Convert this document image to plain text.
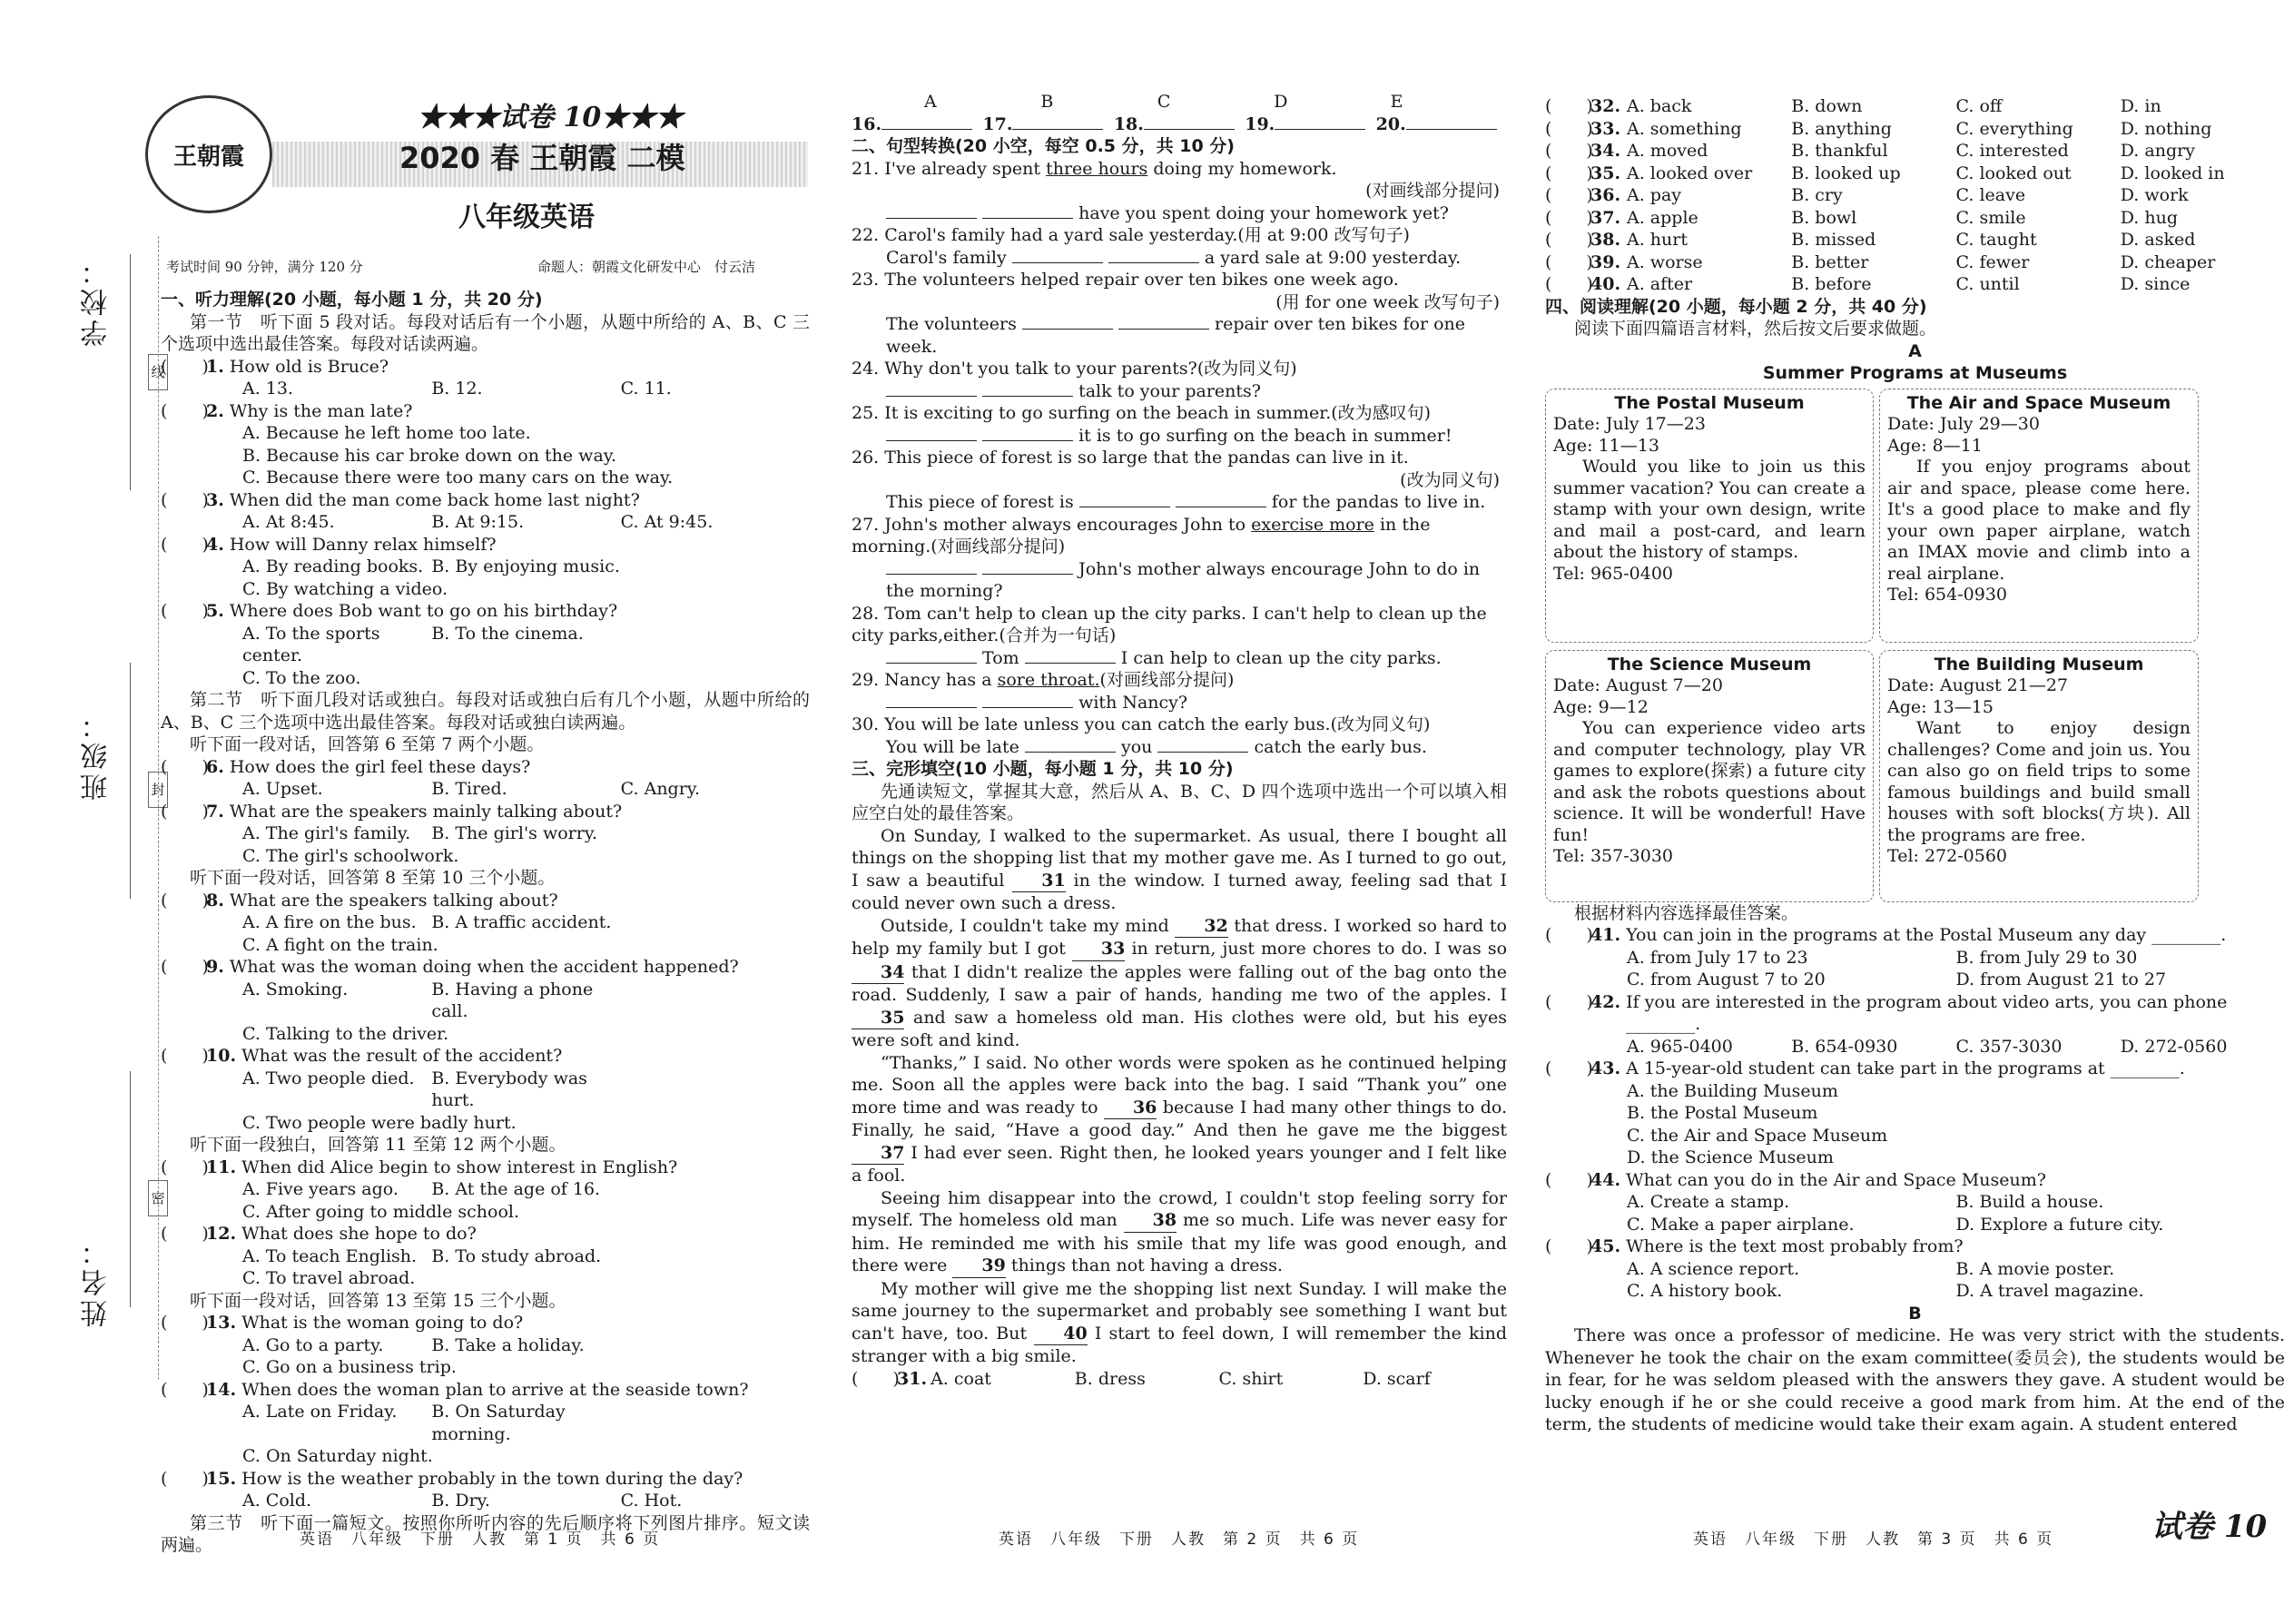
学校：
线
班级：	封
姓名：
密
王朝霞
★★★试卷 10★★★
2020 春 王朝霞 二模
八年级英语
考试时间 90 分钟，满分 120 分	命题人：朝霞文化研发中心　付云洁
一、听力理解(20 小题，每小题 1 分，共 20 分)
第一节　听下面 5 段对话。每段对话后有一个小题，从题中所给的 A、B、C 三个选项中选出最佳答案。每段对话读两遍。
(　　)
1. How old is Bruce?
A. 13.	B. 12.	C. 11.
(　　)
2. Why is the man late?
A. Because he left home too late.
B. Because his car broke down on the way.
C. Because there were too many cars on the way.
(　　)
3. When did the man come back home last night?
A. At 8:45.	B. At 9:15.	C. At 9:45.
(　　)
4. How will Danny relax himself?
A. By reading books. B. By enjoying music.
C. By watching a video.
(　　)
5. Where does Bob want to go on his birthday?
A. To the sports center.
B. To the cinema.
C. To the zoo.
第二节　听下面几段对话或独白。每段对话或独白后有几个小题，从题中所给的 A、B、C 三个选项中选出最佳答案。每段对话或独白读两遍。
听下面一段对话，回答第 6 至第 7 两个小题。
(　　)
6. How does the girl feel these days?
A. Upset.	B. Tired.	C. Angry.
(　　)
7. What are the speakers mainly talking about?
A. The girl's family.	B. The girl's worry.
C. The girl's schoolwork.
听下面一段对话，回答第 8 至第 10 三个小题。
(　　)
8. What are the speakers talking about?
A. A fire on the bus. B. A traffic accident.
C. A fight on the train.
(　　)
9. What was the woman doing when the accident happened?
A. Smoking.	B. Having a phone call.
C. Talking to the driver.
(　　)
10. What was the result of the accident?
A. Two people died. B. Everybody was hurt.
C. Two people were badly hurt.
听下面一段独白，回答第 11 至第 12 两个小题。
(　　)
11. When did Alice begin to show interest in English?
A. Five years ago.	B. At the age of 16.
C. After going to middle school.
(　　)
12. What does she hope to do?
A. To teach English. B. To study abroad.
C. To travel abroad.
听下面一段对话，回答第 13 至第 15 三个小题。
(　　)
13. What is the woman going to do?
A. Go to a party.	B. Take a holiday.
C. Go on a business trip.
(　　)
14. When does the woman plan to arrive at the seaside town?
A. Late on Friday.	B. On Saturday morning.
C. On Saturday night.
(　　)
15. How is the weather probably in the town during the day?
A. Cold.	B. Dry.	C. Hot.
第三节　听下面一篇短文。按照你所听内容的先后顺序将下列图片排序。短文读两遍。	英语　八年级　下册　人教　第 1 页　共 6 页
A	B	C	D	E
16.	17.	18.	19.	20.
二、句型转换(20 小空，每空 0.5 分，共 10 分)
21. I've already spent three hours doing my homework.
(对画线部分提问)
have you spent doing your homework yet?
22. Carol's family had a yard sale yesterday.(用 at 9:00 改写句子)
Carol's family	a yard sale at 9:00 yesterday.
23. The volunteers helped repair over ten bikes one week ago.
(用 for one week 改写句子)
The volunteers	repair over ten bikes for one week.
24. Why don't you talk to your parents?(改为同义句)
talk to your parents?
25. It is exciting to go surfing on the beach in summer.(改为感叹句)
it is to go surfing on the beach in summer!
26. This piece of forest is so large that the pandas can live in it.
(改为同义句)
This piece of forest is	for the pandas to live in.
27. John's mother always encourages John to exercise more in the morning.(对画线部分提问)
John's mother always encourage John to do in the morning?
28. Tom can't help to clean up the city parks. I can't help to clean up the city parks,either.(合并为一句话)
Tom	I can help to clean up the city parks.
29. Nancy has a sore throat.(对画线部分提问)
with Nancy?
30. You will be late unless you can catch the early bus.(改为同义句)
You will be late	you	catch the early bus.
三、完形填空(10 小题，每小题 1 分，共 10 分)
先通读短文，掌握其大意，然后从 A、B、C、D 四个选项中选出一个可以填入相应空白处的最佳答案。
On Sunday, I walked to the supermarket. As usual, there I bought all things on the shopping list that my mother gave me. As I turned to go out, I saw a beautiful 31 in the window. I turned away, feeling sad that I could never own such a dress.
Outside, I couldn't take my mind 32 that dress. I worked so hard to help my family but I got 33 in return, just more chores to do. I was so 34 that I didn't realize the apples were falling out of the bag onto the road. Suddenly, I saw a pair of hands, handing me two of the apples. I 35 and saw a homeless old man. His clothes were old, but his eyes were soft and kind.
“Thanks,” I said. No other words were spoken as he continued helping me. Soon all the apples were back into the bag. I said “Thank you” one more time and was ready to 36 because I had many other things to do. Finally, he said, “Have a good day.” And then he gave me the biggest 37 I had ever seen. Right then, he looked years younger and I felt like a fool.
Seeing him disappear into the crowd, I couldn't stop feeling sorry for myself. The homeless old man 38 me so much. Life was never easy for him. He reminded me with his smile that my life was good enough, and there were 39 things than not having a dress.
My mother will give me the shopping list next Sunday. I will make the same journey to the supermarket and probably see something I want but can't have, too. But 40 I start to feel down, I will remember the kind stranger with a big smile.
(　　)
31. A. coat	B. dress	C. shirt	D. scarf
英语　八年级　下册　人教　第 2 页　共 6 页
(　　)
32. A. back	B. down	C. off	D. in
(　　)
33. A. something	B. anything	C. everything	D. nothing
(　　)
34. A. moved	B. thankful	C. interested	D. angry
(　　)
35. A. looked over	B. looked up	C. looked out	D. looked in
(　　)
36. A. pay	B. cry	C. leave	D. work
(　　)
37. A. apple	B. bowl	C. smile	D. hug
(　　)
38. A. hurt	B. missed	C. taught	D. asked
(　　)
39. A. worse	B. better	C. fewer	D. cheaper
(　　)
40. A. after	B. before	C. until	D. since
四、阅读理解(20 小题，每小题 2 分，共 40 分)
阅读下面四篇语言材料，然后按文后要求做题。
A
Summer Programs at Museums
The Postal Museum
Date: July 17—23
Age: 11—13
Would you like to join us this summer vacation? You can create a stamp with your own design, write and mail a post-card, and learn about the history of stamps.
Tel: 965-0400
The Air and Space Museum
Date: July 29—30
Age: 8—11
If you enjoy programs about air and space, please come here. It's a good place to make and fly your own paper airplane, watch an IMAX movie and climb into a real airplane.
Tel: 654-0930
The Science Museum
Date: August 7—20
Age: 9—12
You can experience video arts and computer technology, play VR games to explore(探索) a future city and ask the robots questions about science. It will be wonderful! Have fun!
Tel: 357-3030
The Building Museum
Date: August 21—27
Age: 13—15
Want to enjoy design challenges? Come and join us. You can also go on field trips to some famous buildings and build small houses with soft blocks(方块). All the programs are free.
Tel: 272-0560
根据材料内容选择最佳答案。
(　　)
41. You can join in the programs at the Postal Museum any day ________.
A. from July 17 to 23	B. from July 29 to 30
C. from August 7 to 20	D. from August 21 to 27
(　　)
42. If you are interested in the program about video arts, you can phone ________.
A. 965-0400	B. 654-0930	C. 357-3030	D. 272-0560
(　　)
43. A 15-year-old student can take part in the programs at ________.
A. the Building Museum
B. the Postal Museum
C. the Air and Space Museum
D. the Science Museum
(　　)
44. What can you do in the Air and Space Museum?
A. Create a stamp.	B. Build a house.
C. Make a paper airplane.	D. Explore a future city.
(　　)
45. Where is the text most probably from?
A. A science report.	B. A movie poster.
C. A history book.	D. A travel magazine.
B
There was once a professor of medicine. He was very strict with the students. Whenever he took the chair on the exam committee(委员会), the students would be in fear, for he was seldom pleased with the answers they gave. A student would be lucky enough if he or she could receive a good mark from him. At the end of the term, the students of medicine would take their exam again. A student entered
英语　八年级　下册　人教　第 3 页　共 6 页	试卷 10
